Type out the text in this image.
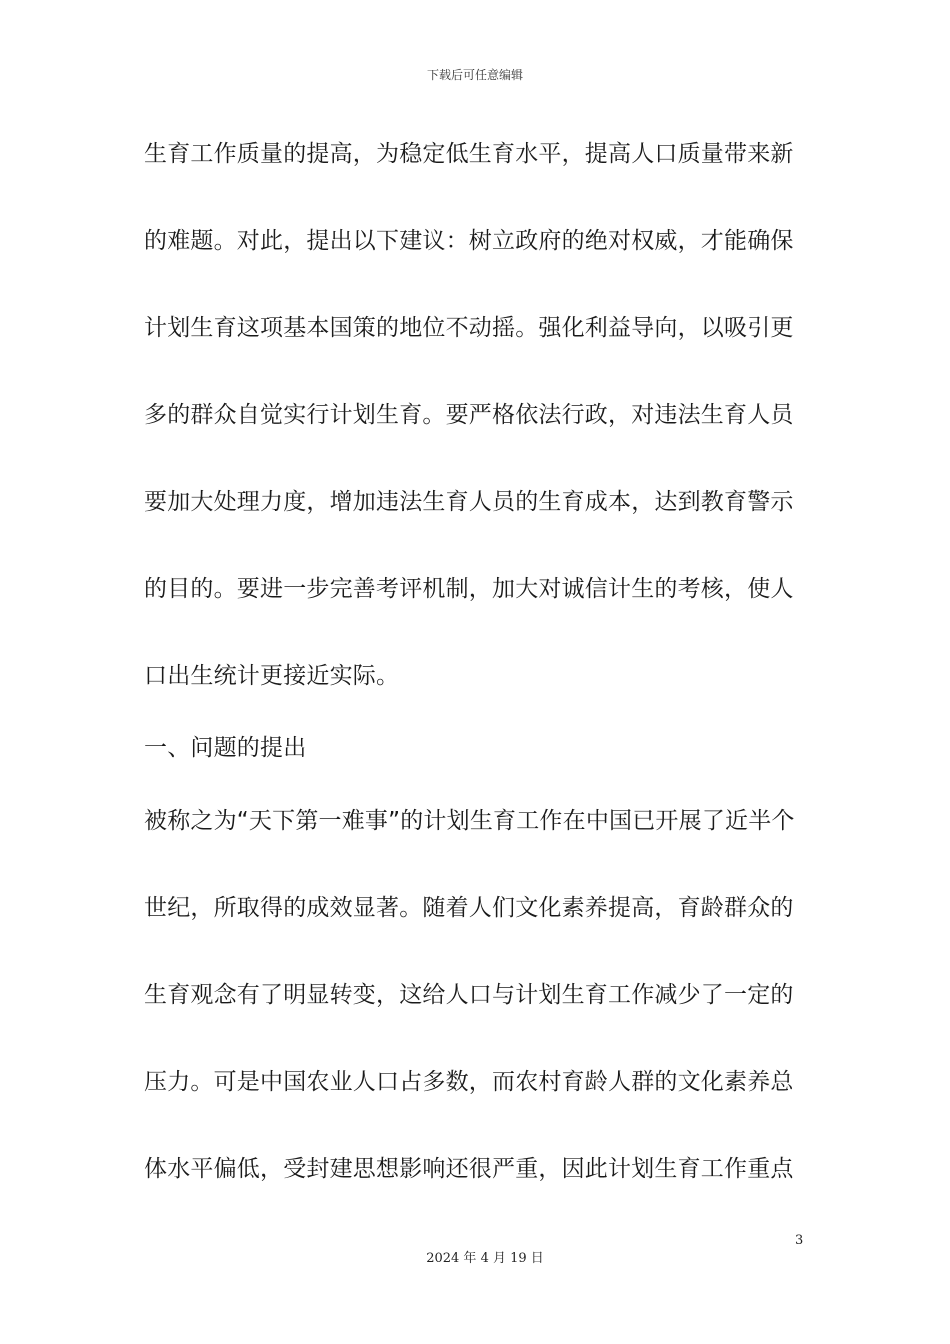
下载后可任意编辑
生育工作质量的提高，为稳定低生育水平，提高人口质量带来新
的难题。对此，提出以下建议：树立政府的绝对权威，才能确保
计划生育这项基本国策的地位不动摇。强化利益导向，以吸引更
多的群众自觉实行计划生育。要严格依法行政，对违法生育人员
要加大处理力度，增加违法生育人员的生育成本，达到教育警示
的目的。要进一步完善考评机制，加大对诚信计生的考核，使人
口出生统计更接近实际。
一、问题的提出
被称之为“天下第一难事”的计划生育工作在中国已开展了近半个
世纪，所取得的成效显著。随着人们文化素养提高，育龄群众的
生育观念有了明显转变，这给人口与计划生育工作减少了一定的
压力。可是中国农业人口占多数，而农村育龄人群的文化素养总
体水平偏低，受封建思想影响还很严重，因此计划生育工作重点
3
2024 年 4 月 19 日
